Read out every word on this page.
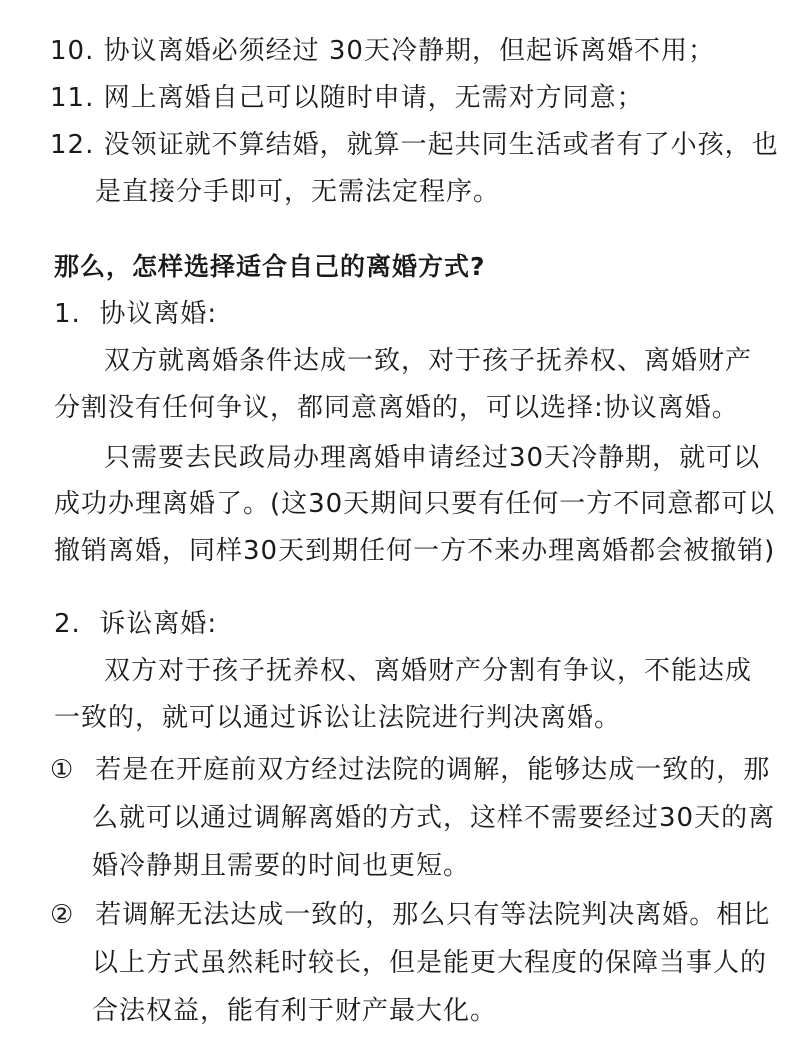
10. 协议离婚必须经过 30天冷静期，但起诉离婚不用；
11. 网上离婚自己可以随时申请，无需对方同意；
12. 没领证就不算结婚，就算一起共同生活或者有了小孩，也
是直接分手即可，无需法定程序。
那么，怎样选择适合自己的离婚方式?
1. 协议离婚:
双方就离婚条件达成一致，对于孩子抚养权、离婚财产
分割没有任何争议，都同意离婚的，可以选择:协议离婚。
只需要去民政局办理离婚申请经过30天冷静期，就可以
成功办理离婚了。(这30天期间只要有任何一方不同意都可以
撤销离婚，同样30天到期任何一方不来办理离婚都会被撤销)
2. 诉讼离婚:
双方对于孩子抚养权、离婚财产分割有争议，不能达成
一致的，就可以通过诉讼让法院进行判决离婚。
① 若是在开庭前双方经过法院的调解，能够达成一致的，那
么就可以通过调解离婚的方式，这样不需要经过30天的离
婚冷静期且需要的时间也更短。
② 若调解无法达成一致的，那么只有等法院判决离婚。相比
以上方式虽然耗时较长，但是能更大程度的保障当事人的
合法权益，能有利于财产最大化。
